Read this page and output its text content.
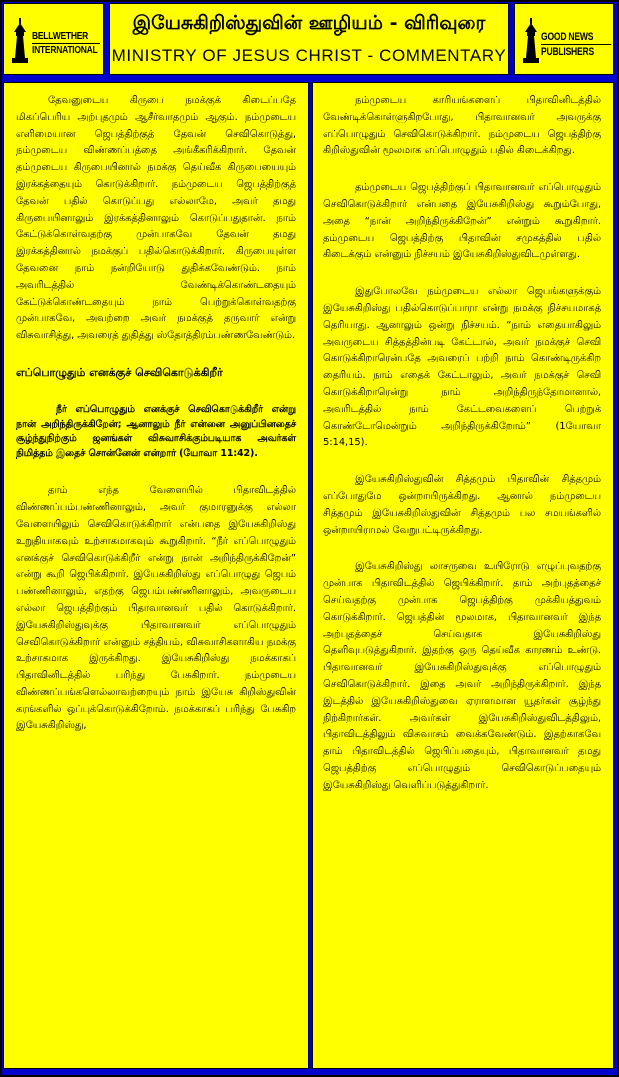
BELLWETHER
INTERNATIONAL
இயேசுகிறிஸ்துவின் ஊழியம் - விரிவுரை
MINISTRY OF JESUS CHRIST - COMMENTARY
GOOD NEWS
PUBLISHERS

தேவனுடைய கிருபை நமக்குக் கிடைப்பதே மிகப்பெரிய அற்புதமும் ஆசீர்வாதமும் ஆகும். நம்முடைய எளிமையான ஜெபத்திற்குத் தேவன் செவிகொடுத்து, நம்முடைய விண்ணப்பத்தை அங்கீகரிக்கிறார். தேவன் தம்முடைய கிருபையினால் நமக்கு தெய்வீக கிருபையையும் இரக்கத்தையும் கொடுக்கிறார். நம்முடைய ஜெபத்திற்குத் தேவன் பதில் கொடுப்பது எல்லாமே, அவர் தமது கிருபையினாலும் இரக்கத்தினாலும் கொடுப்பதுதான். நாம் கேட்டுக்கொள்வதற்கு முன்பாகவே தேவன் தமது இரக்கத்தினால் நமக்குப் பதில்கொடுக்கிறார். கிருபையுள்ள தேவனை நாம் நன்றியோடு துதிக்கவேண்டும். நாம் அவரிடத்தில் வேண்டிக்கொண்டதையும் கேட்டுக்கொண்டதையும் நாம் பெற்றுக்கொள்வதற்கு முன்பாகவே, அவற்றை அவர் நமக்குத் தருவார் என்று விசுவாசித்து, அவரைத் துதித்து ஸ்தோத்திரம்பண்ணவேண்டும்.

எப்பொழுதும் எனக்குச் செவிகொடுக்கிறீர்

நீர் எப்பொழுதும் எனக்குச் செவிகொடுக்கிறீர் என்று நான் அறிந்திருக்கிறேன்; ஆனாலும் நீர் என்னை அனுப்பினதைச் சூழ்ந்துநிற்கும் ஜனங்கள் விசுவாசிக்கும்படியாக அவர்கள் நிமித்தம் இதைச் சொன்னேன் என்றார் (யோவா 11:42).

தாம் எந்த வேளையில் பிதாவிடத்தில் விண்ணப்பம்பண்ணினாலும், அவர் குமாரனுக்கு எல்லா வேளையிலும் செவிகொடுக்கிறார் என்பதை இயேசுகிறிஸ்து உறுதியாகவும் உற்சாகமாகவும் கூறுகிறார். “நீர் எப்பொழுதும் எனக்குச் செவிகொடுக்கிறீர் என்று நான் அறிந்திருக்கிறேன்” என்று கூறி ஜெபிக்கிறார். இயேசுகிறிஸ்து எப்பொழுது ஜெபம் பண்ணினாலும், எதற்கு ஜெபம்பண்ணினாலும், அவருடைய எல்லா ஜெபத்திற்கும் பிதாவானவர் பதில் கொடுக்கிறார். இயேசுகிறிஸ்துவுக்கு பிதாவானவர் எப்பொழுதும் செவிகொடுக்கிறார் என்னும் சத்தியம், விசுவாசிகளாகிய நமக்கு உற்சாகமாக இருக்கிறது. இயேசுகிறிஸ்து நமக்காகப் பிதாவினிடத்தில் பரிந்து பேசுகிறார். நம்முடைய விண்ணப்பங்களெல்லாவற்றையும் நாம் இயேசு கிறிஸ்துவின் கரங்களில் ஒப்புக்கொடுக்கிறோம். நமக்காகப் பரிந்து பேசுகிற இயேசுகிறிஸ்து,

நம்முடைய காரியங்களைப் பிதாவினிடத்தில் வேண்டிக்கொள்ளுகிறபோது, பிதாவானவர் அவருக்கு எப்பொழுதும் செவிகொடுக்கிறார். நம்முடைய ஜெபத்திற்கு கிறிஸ்துவின் மூலமாக எப்பொழுதும் பதில் கிடைக்கிறது.

தம்முடைய ஜெபத்திற்குப் பிதாவானவர் எப்பொழுதும் செவிகொடுக்கிறார் என்பதை இயேசுகிறிஸ்து கூறும்போது, அதை “நான் அறிந்திருக்கிறேன்” என்றும் கூறுகிறார். தம்முடைய ஜெபத்திற்கு பிதாவின் சமுகத்தில் பதில் கிடைக்கும் என்னும் நிச்சயம் இயேசுகிறிஸ்துவிடமுள்ளது.

இதுபோலவே நம்முடைய எல்லா ஜெபங்களுக்கும் இயேசுகிறிஸ்து பதில்கொடுப்பாரா என்று நமக்கு நிச்சயமாகத் தெரியாது. ஆனாலும் ஒன்று நிச்சயம். “நாம் எதையாகிலும் அவருடைய சித்தத்தின்படி கேட்டால், அவர் நமக்குச் செவி கொடுக்கிறாரென்பதே அவரைப் பற்றி நாம் கொண்டிருக்கிற தைரியம். நாம் எதைக் கேட்டாலும், அவர் நமக்குச் செவி கொடுக்கிறாரென்று நாம் அறிந்திருந்தோமானால், அவரிடத்தில் நாம் கேட்டவைகளைப் பெற்றுக் கொண்டோமென்றும் அறிந்திருக்கிறோம்” (1யோவா 5:14,15).

இயேசுகிறிஸ்துவின் சித்தமும் பிதாவின் சித்தமும் எப்போதுமே ஒன்றாயிருக்கிறது. ஆனால் நம்முடைய சித்தமும் இயேசுகிறிஸ்துவின் சித்தமும் பல சமயங்களில் ஒன்றாயிராமல் வேறுபட்டிருக்கிறது.

இயேசுகிறிஸ்து லாசருவை உயிரோடு எழுப்புவதற்கு முன்பாக பிதாவிடத்தில் ஜெபிக்கிறார். தாம் அற்புதத்தைச் செய்வதற்கு முன்பாக ஜெபத்திற்கு முக்கியத்துவம் கொடுக்கிறார். ஜெபத்தின் மூலமாக, பிதாவானவர் இந்த அற்புதத்தைச் செய்வதாக இயேசுகிறிஸ்து தெளிவுபடுத்துகிறார். இதற்கு ஒரு தெய்வீக காரணம் உண்டு. பிதாவானவர் இயேசுகிறிஸ்துவுக்கு எப்பொழுதும் செவிகொடுக்கிறார். இதை அவர் அறிந்திருக்கிறார். இந்த இடத்தில் இயேசுகிறிஸ்துவை ஏராளமான யூதர்கள் சூழ்ந்து நிற்கிறார்கள். அவர்கள் இயேசுகிறிஸ்துவிடத்திலும், பிதாவிடத்திலும் விசுவாசம் வைக்கவேண்டும். இதற்காகவே தாம் பிதாவிடத்தில் ஜெபிப்பதையும், பிதாவானவர் தமது ஜெபத்திற்கு எப்பொழுதும் செவிகொடுப்பதையும் இயேசுகிறிஸ்து வெளிப்படுத்துகிறார்.
